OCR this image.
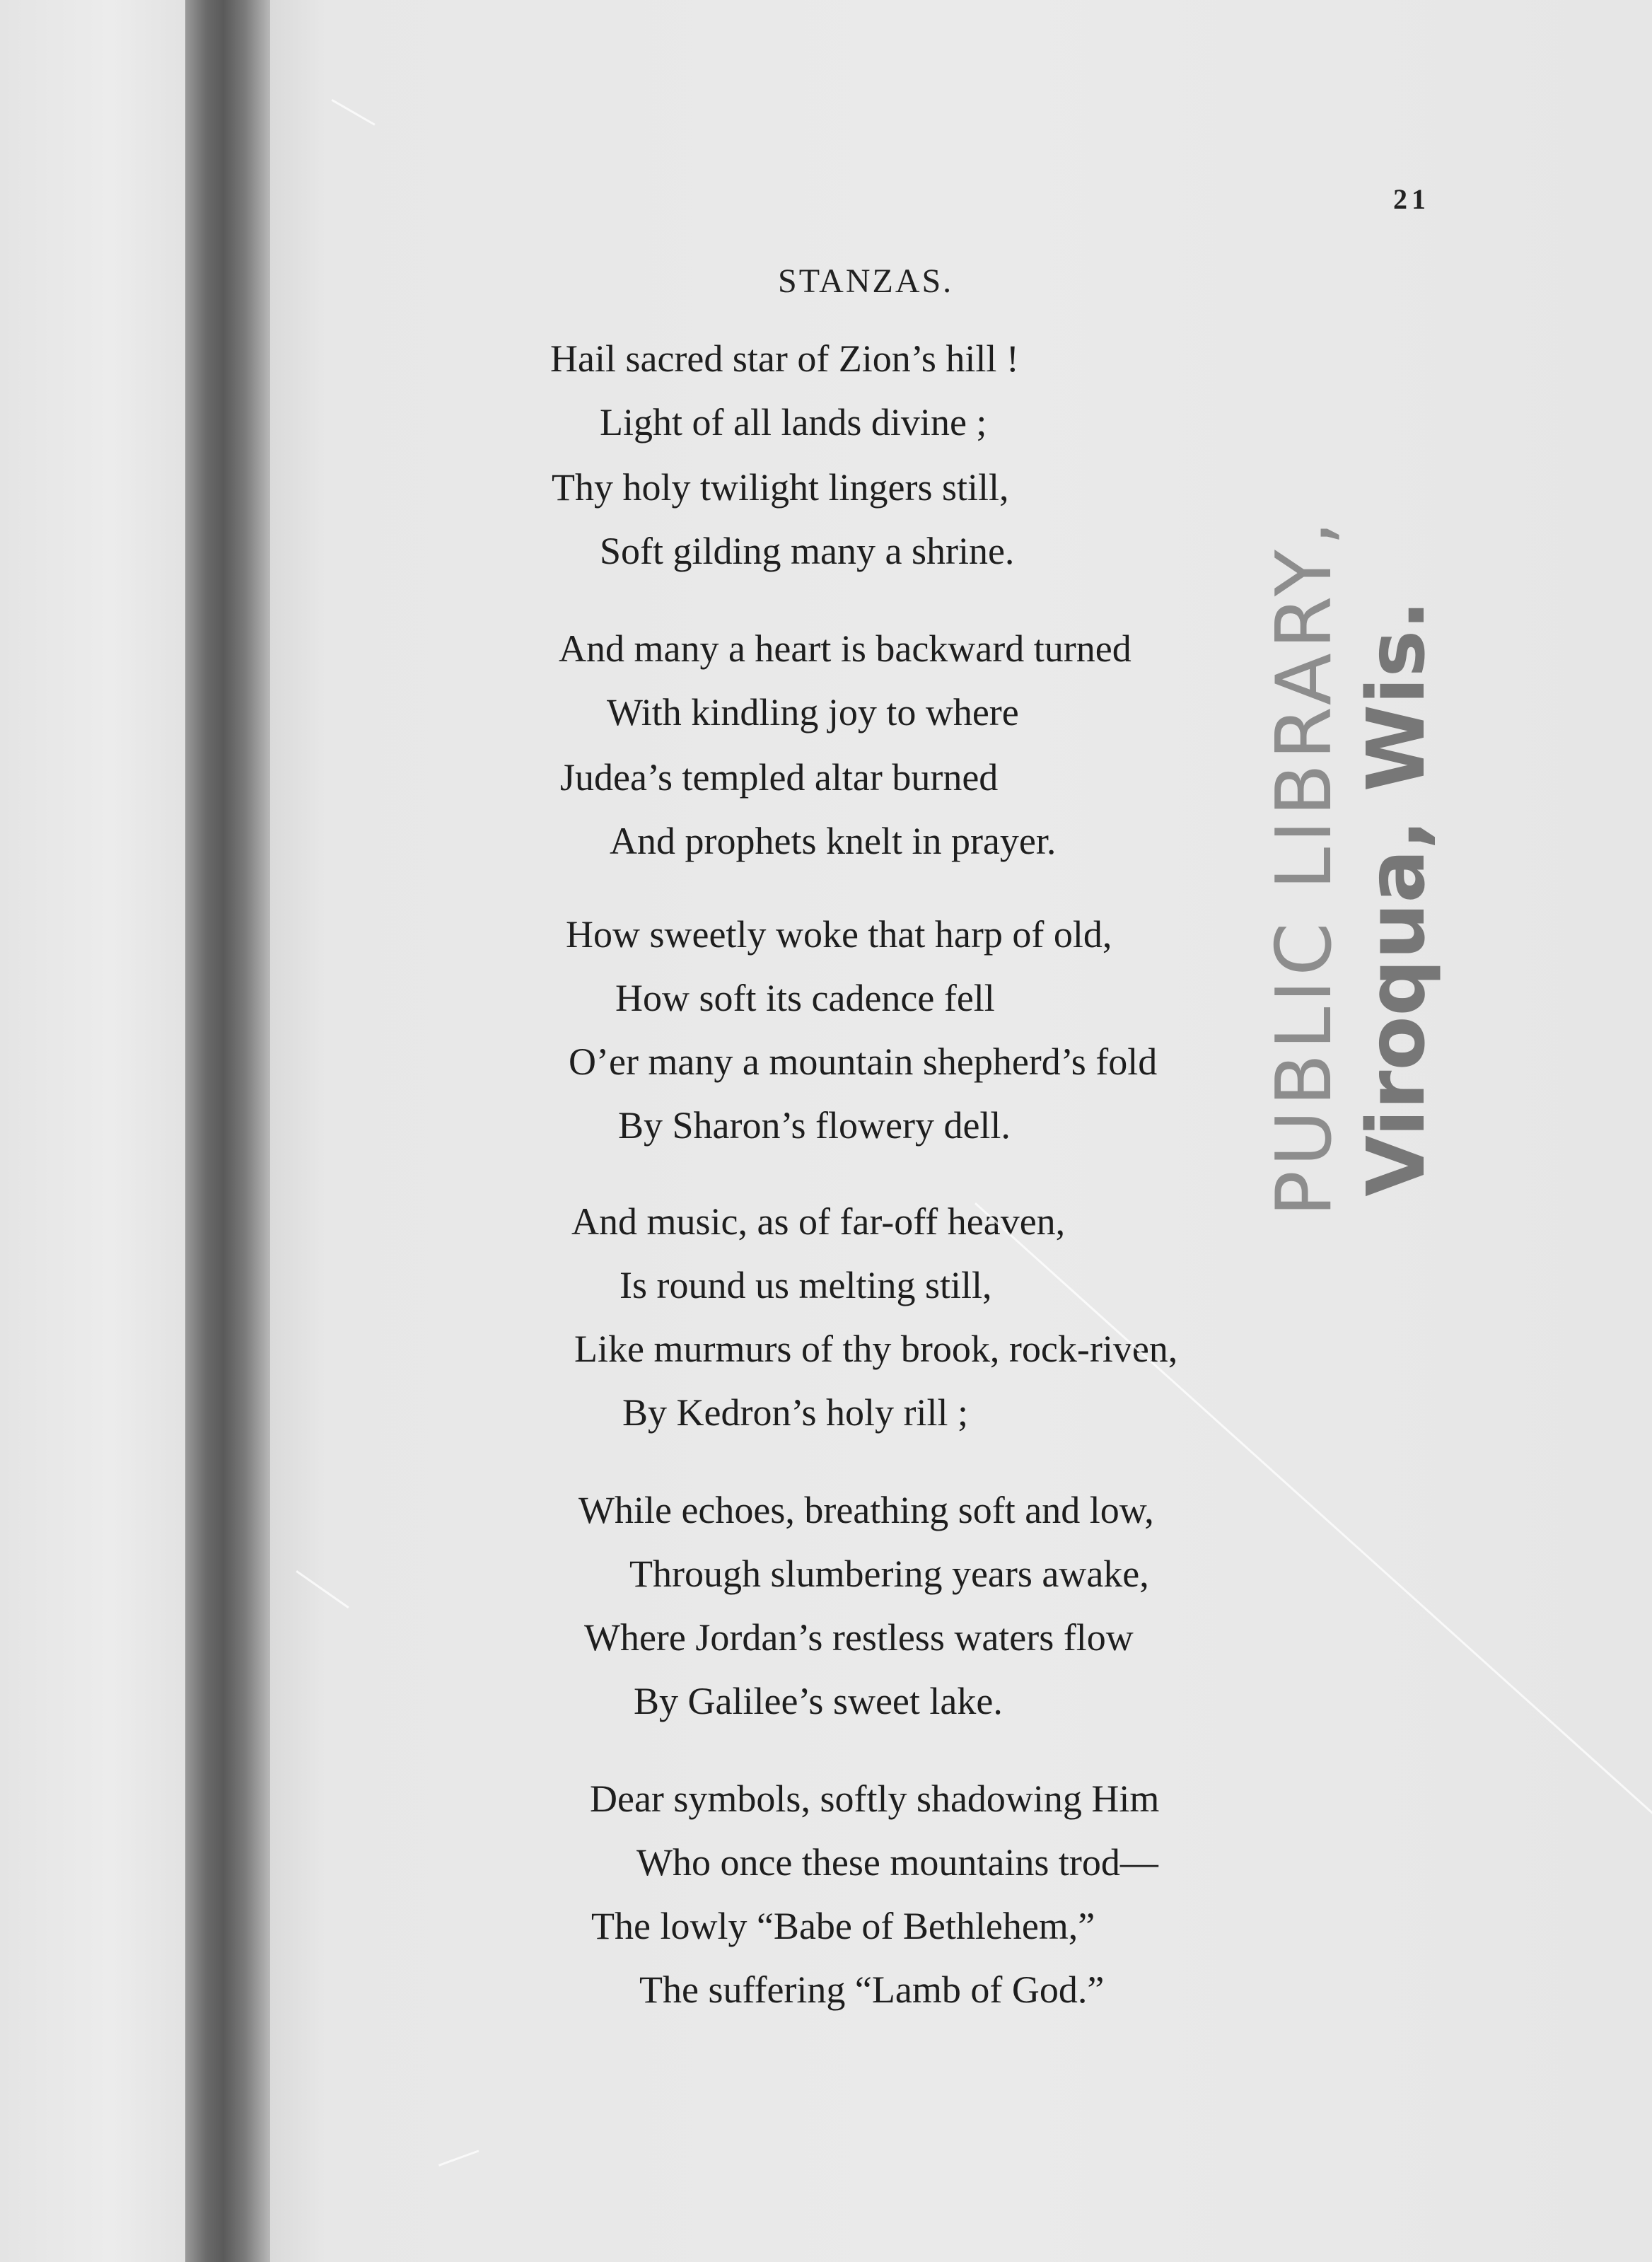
21
STANZAS.
Hail sacred star of Zion’s hill !
Light of all lands divine ;
Thy holy twilight lingers still,
Soft gilding many a shrine.
And many a heart is backward turned
With kindling joy to where
Judea’s templed altar burned
And prophets knelt in prayer.
How sweetly woke that harp of old,
How soft its cadence fell
O’er many a mountain shepherd’s fold
By Sharon’s flowery dell.
And music, as of far-off heaven,
Is round us melting still,
Like murmurs of thy brook, rock-riven,
By Kedron’s holy rill ;
While echoes, breathing soft and low,
Through slumbering years awake,
Where Jordan’s restless waters flow
By Galilee’s sweet lake.
Dear symbols, softly shadowing Him
Who once these mountains trod—
The lowly “Babe of Bethlehem,”
The suffering “Lamb of God.”
PUBLIC LIBRARY, Viroqua, Wis.
